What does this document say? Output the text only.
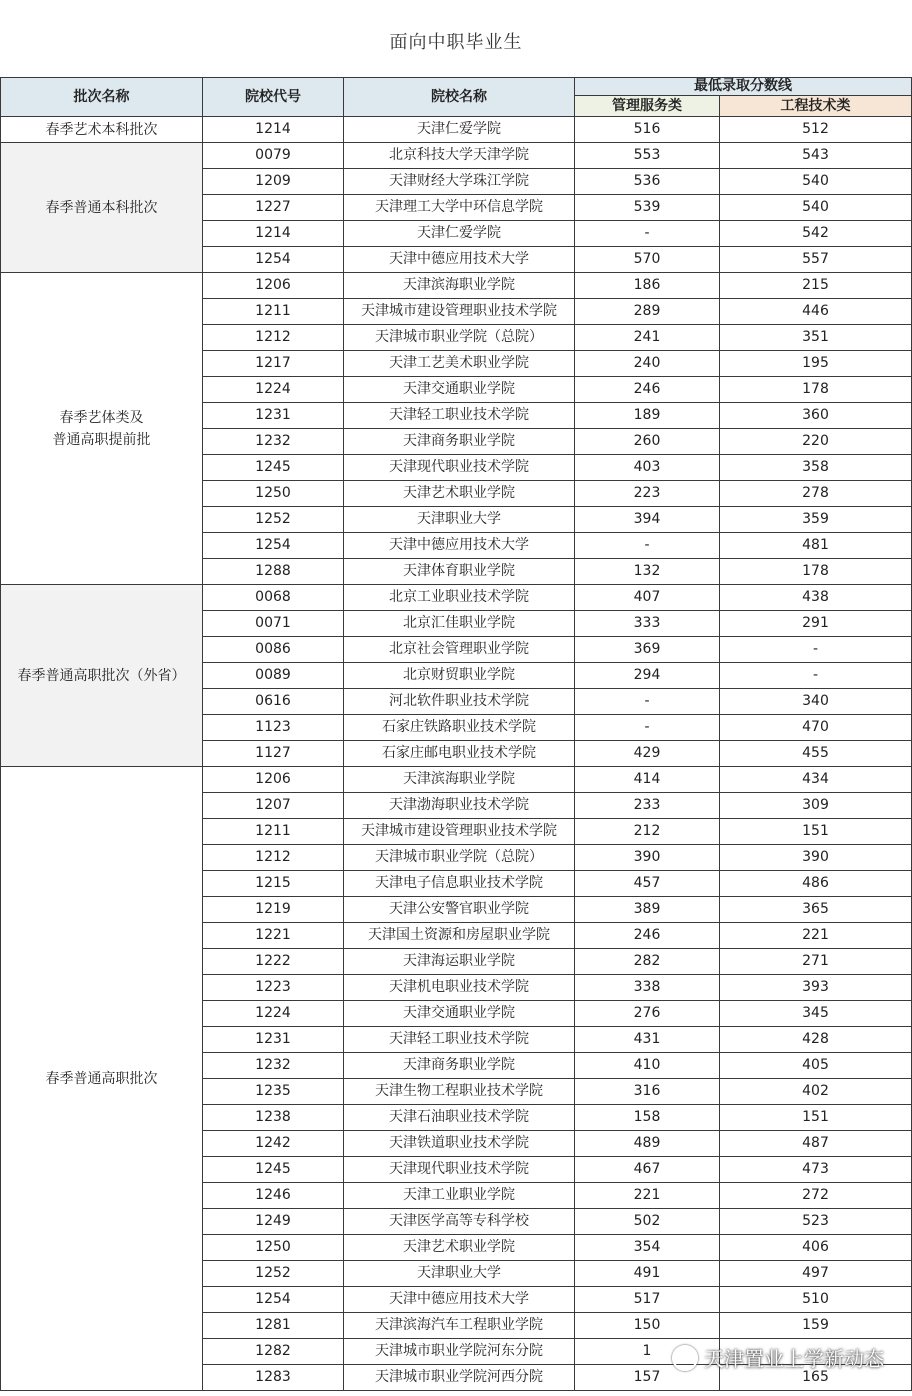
面向中职毕业生
批次名称	院校代号	院校名称	最低录取分数线	
			管理服务类	工程技术类
春季艺术本科批次	1214	天津仁爱学院	516	512
春季普通本科批次	0079	北京科技大学天津学院	553	543
	1209	天津财经大学珠江学院	536	540
	1227	天津理工大学中环信息学院	539	540
	1214	天津仁爱学院	-	542
	1254	天津中德应用技术大学	570	557
春季艺体类及
普通高职提前批	1206	天津滨海职业学院	186	215
	1211	天津城市建设管理职业技术学院	289	446
	1212	天津城市职业学院（总院）	241	351
	1217	天津工艺美术职业学院	240	195
	1224	天津交通职业学院	246	178
	1231	天津轻工职业技术学院	189	360
	1232	天津商务职业学院	260	220
	1245	天津现代职业技术学院	403	358
	1250	天津艺术职业学院	223	278
	1252	天津职业大学	394	359
	1254	天津中德应用技术大学	-	481
	1288	天津体育职业学院	132	178
春季普通高职批次（外省）	0068	北京工业职业技术学院	407	438
	0071	北京汇佳职业学院	333	291
	0086	北京社会管理职业学院	369	-
	0089	北京财贸职业学院	294	-
	0616	河北软件职业技术学院	-	340
	1123	石家庄铁路职业技术学院	-	470
	1127	石家庄邮电职业技术学院	429	455
春季普通高职批次	1206	天津滨海职业学院	414	434
	1207	天津渤海职业技术学院	233	309
	1211	天津城市建设管理职业技术学院	212	151
	1212	天津城市职业学院（总院）	390	390
	1215	天津电子信息职业技术学院	457	486
	1219	天津公安警官职业学院	389	365
	1221	天津国土资源和房屋职业学院	246	221
	1222	天津海运职业学院	282	271
	1223	天津机电职业技术学院	338	393
	1224	天津交通职业学院	276	345
	1231	天津轻工职业技术学院	431	428
	1232	天津商务职业学院	410	405
	1235	天津生物工程职业技术学院	316	402
	1238	天津石油职业技术学院	158	151
	1242	天津铁道职业技术学院	489	487
	1245	天津现代职业技术学院	467	473
	1246	天津工业职业学院	221	272
	1249	天津医学高等专科学校	502	523
	1250	天津艺术职业学院	354	406
	1252	天津职业大学	491	497
	1254	天津中德应用技术大学	517	510
	1281	天津滨海汽车工程职业学院	150	159
	1282	天津城市职业学院河东分院	1	
	1283	天津城市职业学院河西分院	157	165
天津置业上学新动态
